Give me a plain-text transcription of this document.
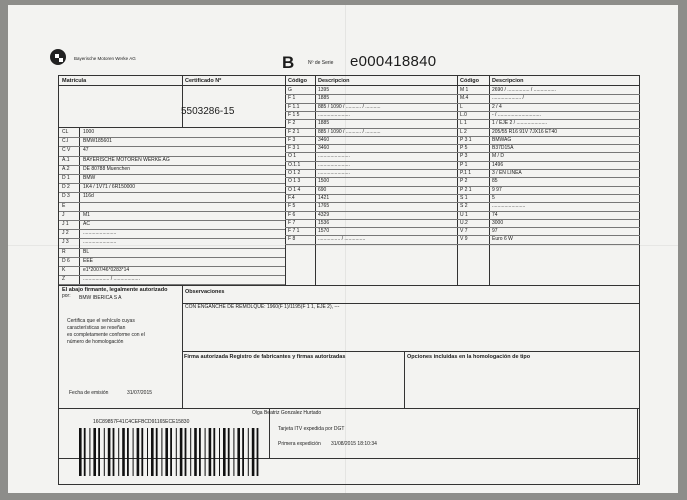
Bayerische Motoren Werke AG	B	Nº de Serie e000418840
Matrícula	Certificado Nº
5503286-15
Código Descripcion	Código Descripcion
CL	1000
C.I	BMW185601
C V	47
A.1	BAYERISCHE MOTOREN WERKE AG
A.2	DE 80788 Muenchen
D 1	BMW
D 2	1K4 / 1V71 / 6R150000
D 3	116d
E
J	M1
J 1	AC
J 2	........................
J 3	........................
R	BL
D 6	EEE
K	e1*2007/46*0283*14
Z	................... / ...................
G	1395
F 1	1885
F 1.1	885 / 1090 / ........... / ...........
F 1 5	.......................
F 2	1885
F 2 1	885 / 1090 / ........... / ...........
F 3	3460
F 3 1	3460
O 1	.......................
O.1.1	.......................
O 1 2	.......................
O 1 3	1500
O 1 4	690
F.4	1421
F 5	1765
F 6	4329
F 7	1536
F 7 1	1570
F 8	................ / ...............
M 1	2690 / ................ / ................
M.4	..................... /
L	2 / 4
L.0	- / ...............................
L 1	1 / EJE 2 / ......................
L 2	205/55 R16 91V 7JX16 ET40
P 3 1	BMWAG
P 5	B37D15A
P 3	M / D
P 1	1496
P.1 1	3 / EN LINEA
P 2	85
P 2 1	9 97
S 1	5
S 2	........................
U 1	74
U.2	3000
V 7	97
V 9	Euro 6 W
El abajo firmante, legalmente autorizado
por: BMW IBERICA S A
Certifica que el vehículo cuyas
características se reseñan
es completamente conforme con el
número de homologación
Observaciones
CON ENGANCHE DE REMOLQUE: 1960(F 1)/1195(F 1 1, EJE 2), ---
Firma autorizada Registro de fabricantes y firmas autorizadas	Opciones incluidas en la homologación de tipo
Fecha de emisión	31/07/2015
Olga Beatriz Gonzalez Hurtado
16C89857F41C4CEFBCD91165ECE15830
Tarjeta ITV expedida por DGT
Primera expedición 31/08/2015 18:10:34
